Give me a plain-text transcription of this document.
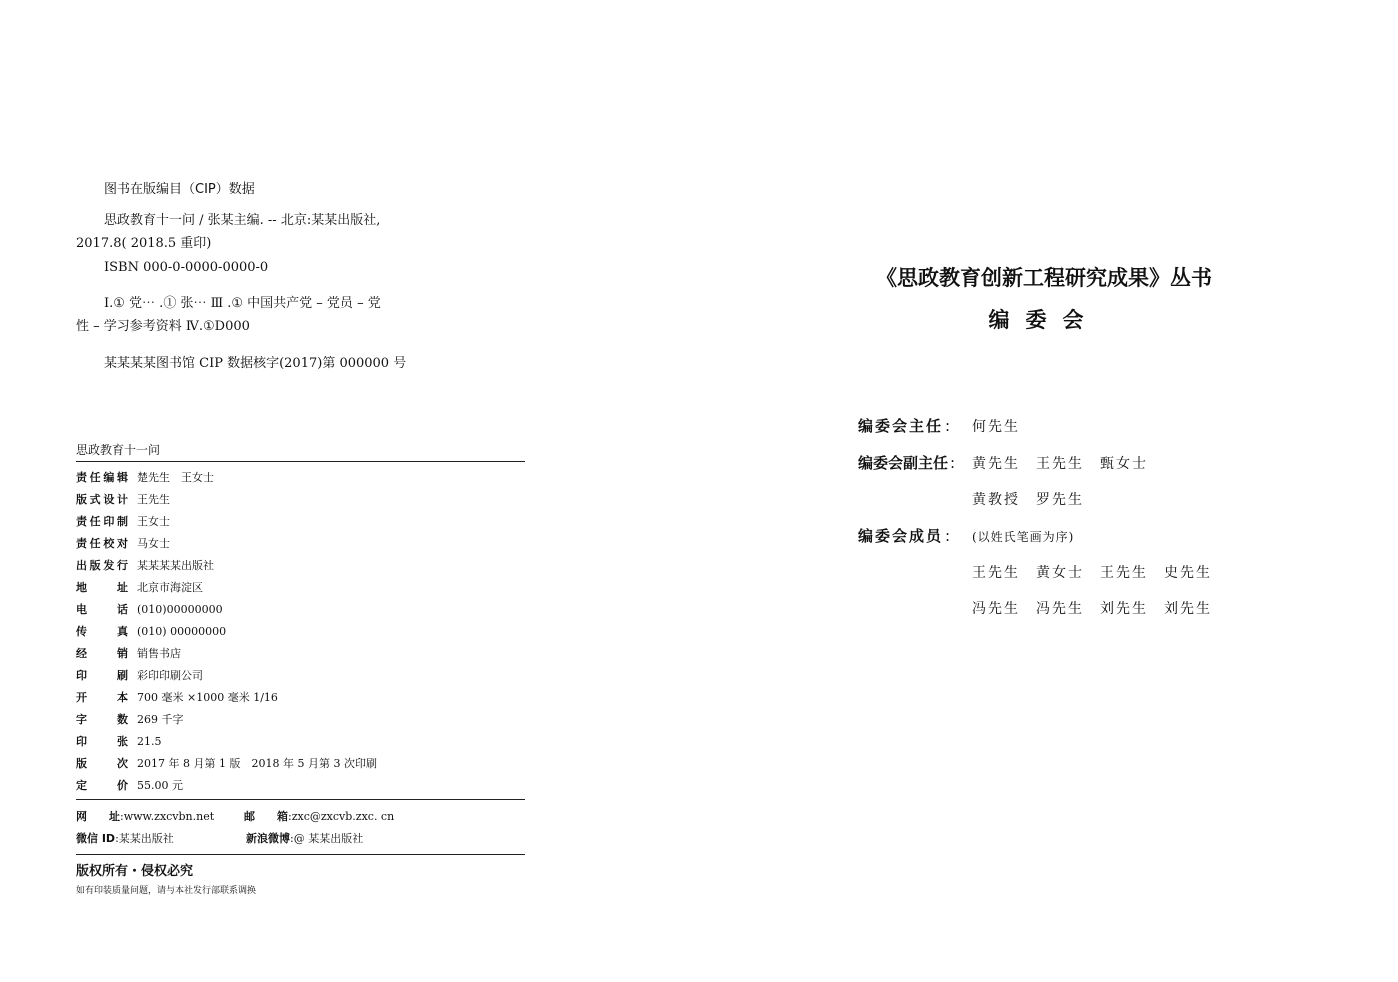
图书在版编目（CIP）数据
思政教育十一问 / 张某主编. -- 北京:某某出版社,
2017.8( 2018.5 重印)
ISBN 000-0-0000-0000-0
Ⅰ.① 党⋯ .① 张⋯ Ⅲ .① 中国共产党 – 党员 – 党
性 – 学习参考资料 Ⅳ.①D000
某某某某图书馆 CIP 数据核字(2017)第 000000 号
思政教育十一问
责任编辑 楚先生　王女士
版式设计 王先生
责任印制 王女士
责任校对 马女士
出版发行 某某某某出版社
地址 北京市海淀区
电话 (010)00000000
传真 (010) 00000000
经销 销售书店
印刷 彩印印刷公司
开本 700 毫米 ×1000 毫米 1/16
字数 269 千字
印张 21.5
版次 2017 年 8 月第 1 版　2018 年 5 月第 3 次印刷
定价 55.00 元
网址:www.zxcvbn.net	邮箱:zxc@zxcvb.zxc. cn
微信 ID:某某出版社	新浪微博:@ 某某出版社
版权所有・侵权必究
如有印装质量问题，请与本社发行部联系调换
《思政教育创新工程研究成果》丛书
编委会
编委会主任 : 何先生
编委会副主任 : 黄先生 王先生 甄女士
黄教授 罗先生
编委会成员 : (以姓氏笔画为序)
王先生 黄女士 王先生 史先生
冯先生 冯先生 刘先生 刘先生
